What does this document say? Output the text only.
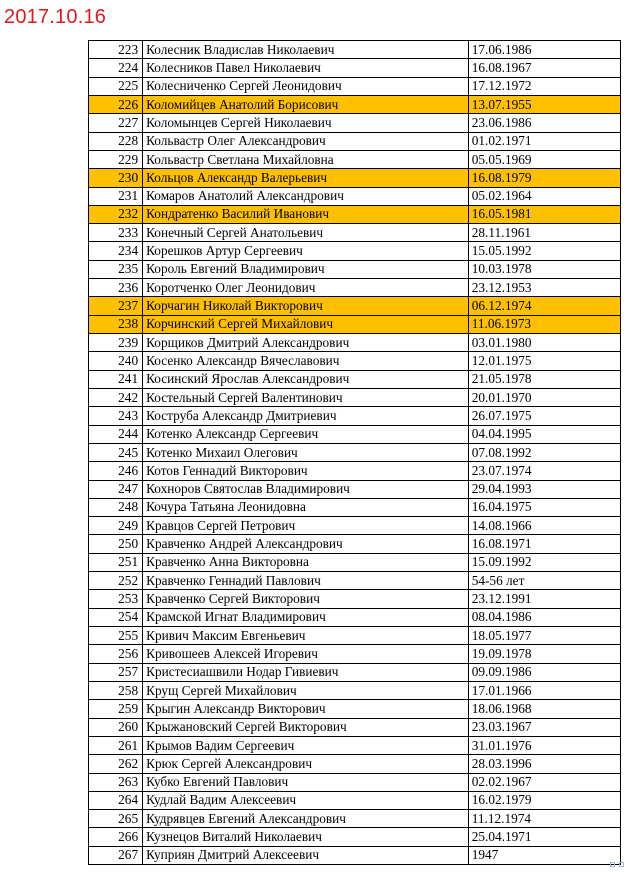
2017.10.16
223	Колесник Владислав Николаевич	17.06.1986
224	Колесников Павел Николаевич	16.08.1967
225	Колесниченко Сергей Леонидович	17.12.1972
226	Коломийцев Анатолий Борисович	13.07.1955
227	Коломынцев Сергей Николаевич	23.06.1986
228	Кольвастр Олег Александрович	01.02.1971
229	Кольвастр Светлана Михайловна	05.05.1969
230	Кольцов Александр Валерьевич	16.08.1979
231	Комаров Анатолий Александрович	05.02.1964
232	Кондратенко Василий Иванович	16.05.1981
233	Конечный Сергей Анатольевич	28.11.1961
234	Корешков Артур Сергеевич	15.05.1992
235	Король Евгений Владимирович	10.03.1978
236	Коротченко Олег Леонидович	23.12.1953
237	Корчагин Николай Викторович	06.12.1974
238	Корчинский Сергей Михайлович	11.06.1973
239	Корщиков Дмитрий Александрович	03.01.1980
240	Косенко Александр Вячеславович	12.01.1975
241	Косинский Ярослав Александрович	21.05.1978
242	Костельный Сергей Валентинович	20.01.1970
243	Коструба Александр Дмитриевич	26.07.1975
244	Котенко Александр Сергеевич	04.04.1995
245	Котенко Михаил Олегович	07.08.1992
246	Котов Геннадий Викторович	23.07.1974
247	Кохноров Святослав Владимирович	29.04.1993
248	Кочура Татьяна Леонидовна	16.04.1975
249	Кравцов Сергей Петрович	14.08.1966
250	Кравченко Андрей Александрович	16.08.1971
251	Кравченко Анна Викторовна	15.09.1992
252	Кравченко Геннадий Павлович	54-56 лет
253	Кравченко Сергей Викторович	23.12.1991
254	Крамской Игнат Владимирович	08.04.1986
255	Кривич Максим Евгеньевич	18.05.1977
256	Кривошеев Алексей Игоревич	19.09.1978
257	Кристесиашвили Нодар Гивиевич	09.09.1986
258	Крущ Сергей Михайлович	17.01.1966
259	Крыгин Александр Викторович	18.06.1968
260	Крыжановский Сергей Викторович	23.03.1967
261	Крымов Вадим Сергеевич	31.01.1976
262	Крюк Сергей Александрович	28.03.1996
263	Кубко Евгений Павлович	02.02.1967
264	Кудлай Вадим Алексеевич	16.02.1979
265	Кудрявцев Евгений Александрович	11.12.1974
266	Кузнецов Виталий Николаевич	25.04.1971
267	Куприян Дмитрий Алексеевич	1947
